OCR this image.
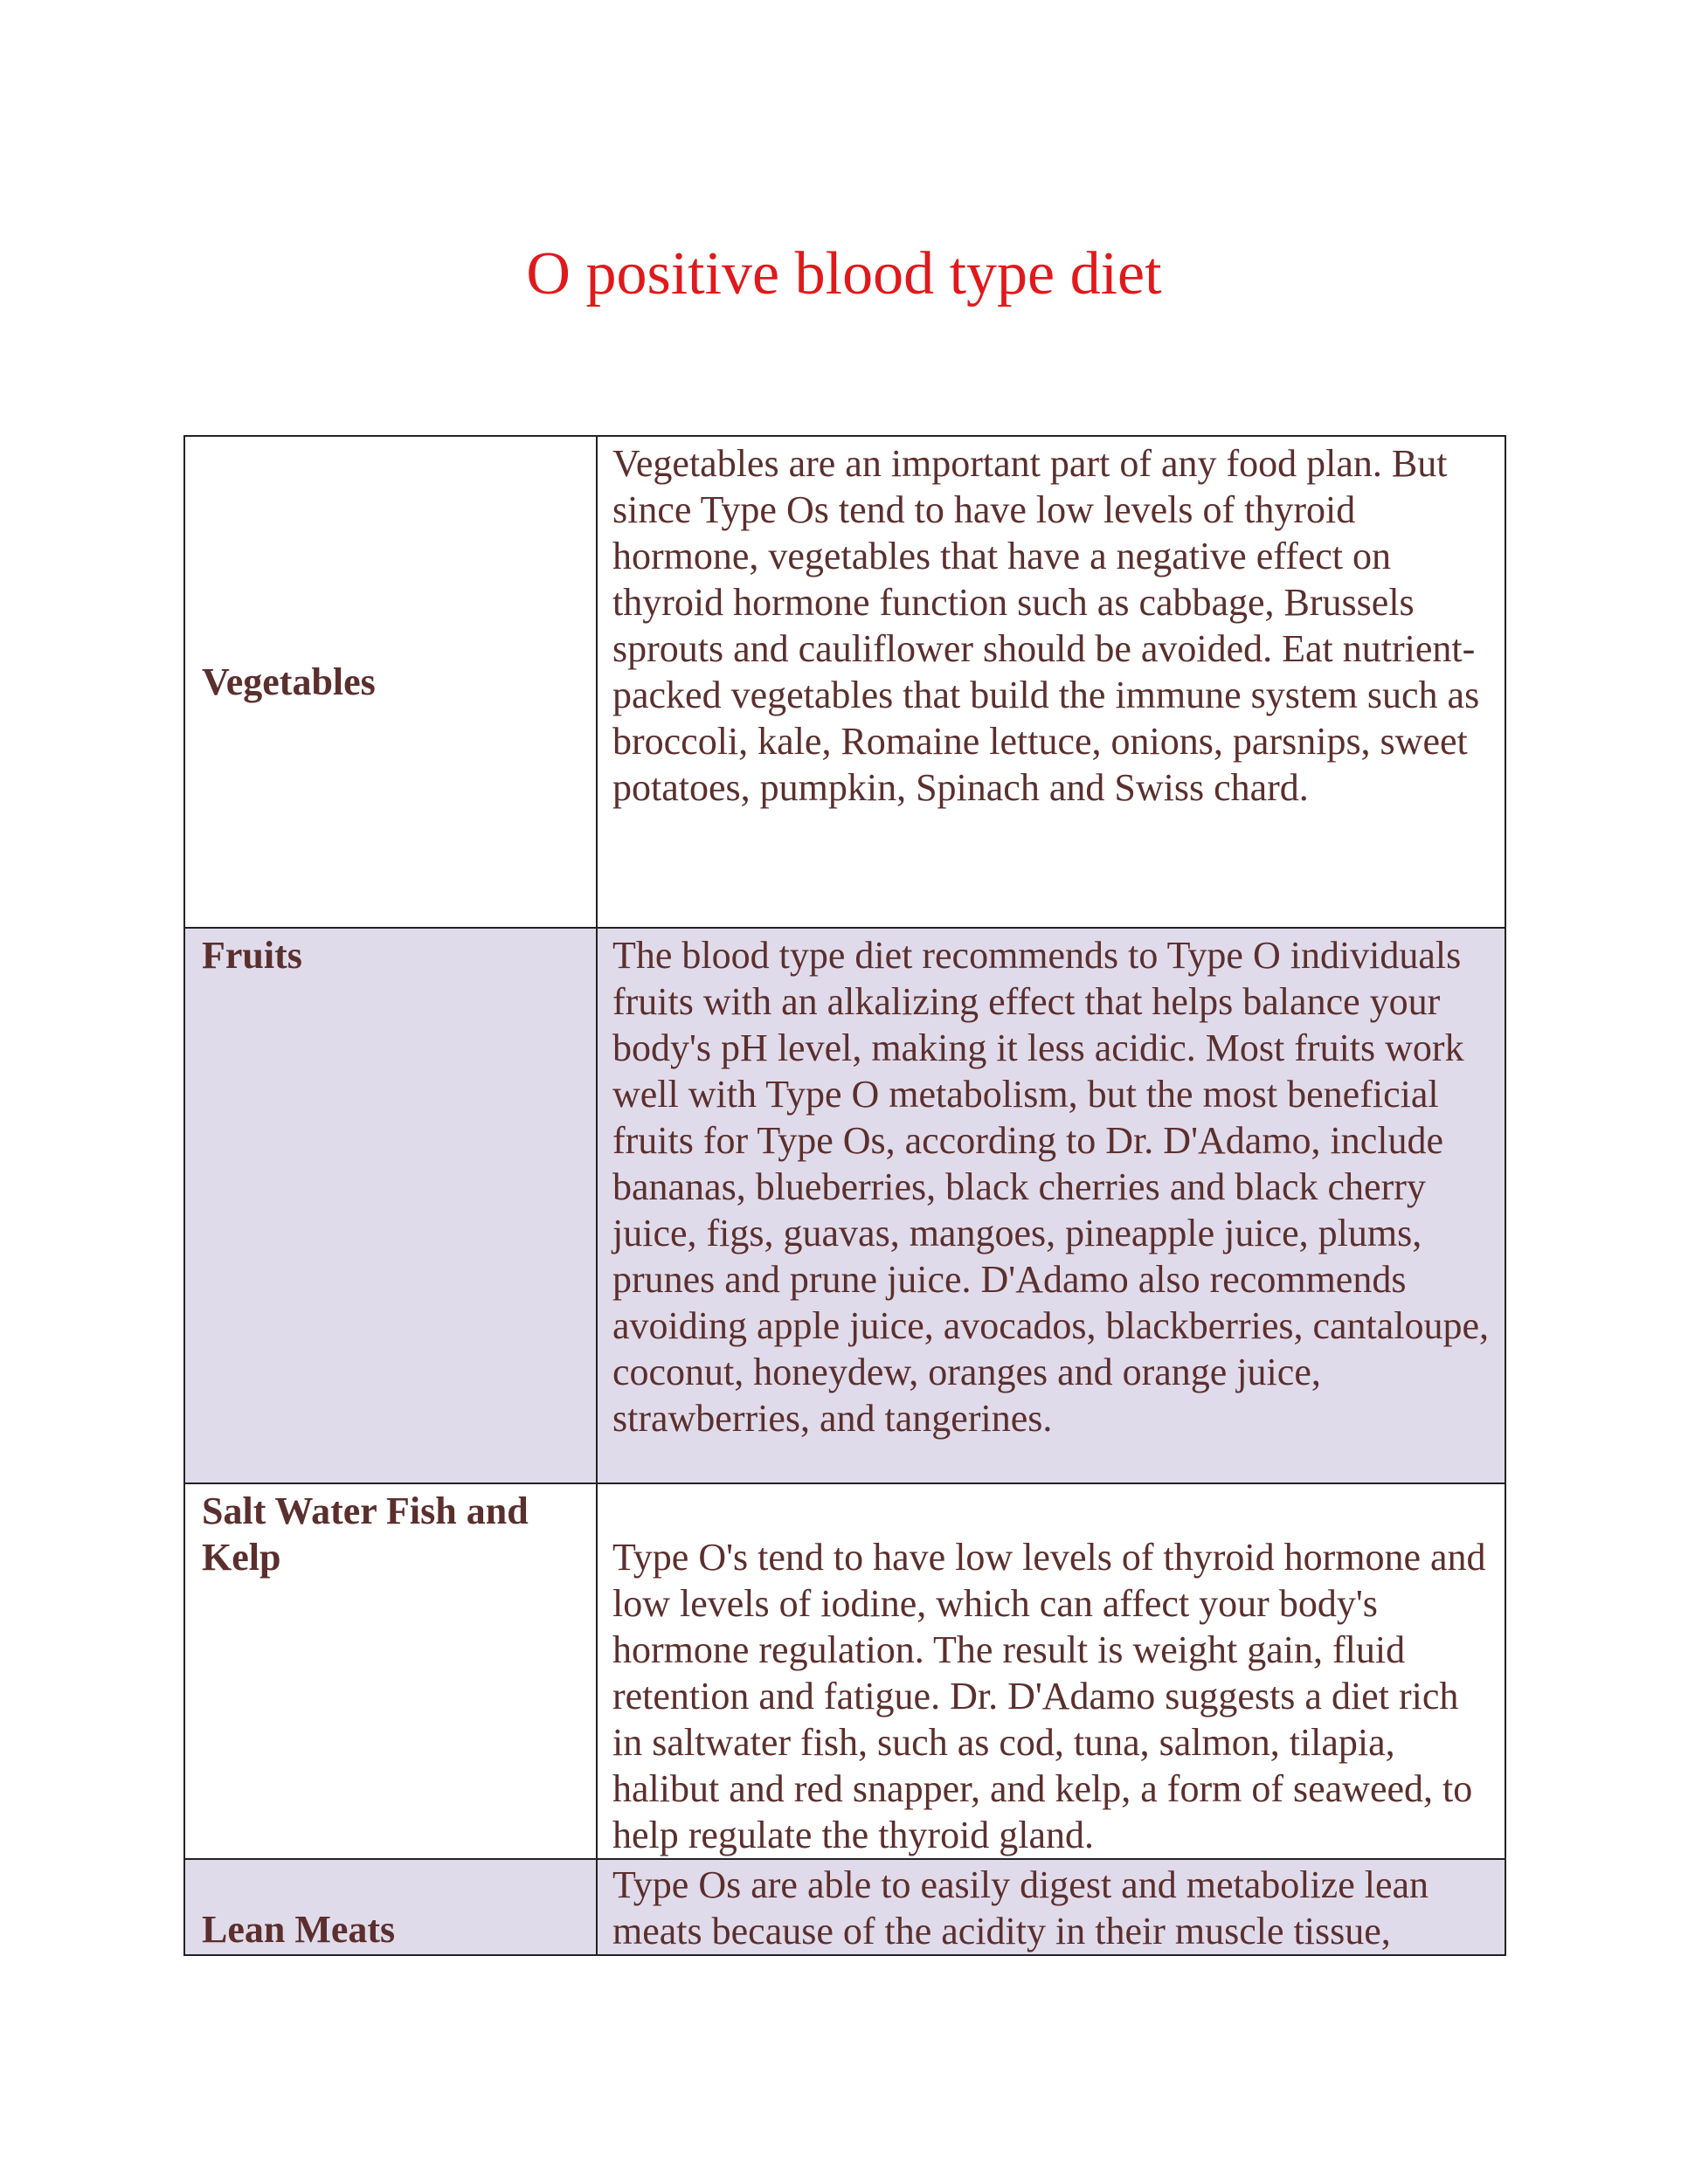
O positive blood type diet
Vegetables	Vegetables are an important part of any food plan. But since Type Os tend to have low levels of thyroid hormone, vegetables that have a negative effect on thyroid hormone function such as cabbage, Brussels sprouts and cauliflower should be avoided. Eat nutrient-packed vegetables that build the immune system such as broccoli, kale, Romaine lettuce, onions, parsnips, sweet potatoes, pumpkin, Spinach and Swiss chard.
Fruits	The blood type diet recommends to Type O individuals fruits with an alkalizing effect that helps balance your body's pH level, making it less acidic. Most fruits work well with Type O metabolism, but the most beneficial fruits for Type Os, according to Dr. D'Adamo, include bananas, blueberries, black cherries and black cherry juice, figs, guavas, mangoes, pineapple juice, plums, prunes and prune juice. D'Adamo also recommends avoiding apple juice, avocados, blackberries, cantaloupe, coconut, honeydew, oranges and orange juice, strawberries, and tangerines.
Salt Water Fish and Kelp	Type O's tend to have low levels of thyroid hormone and low levels of iodine, which can affect your body's hormone regulation. The result is weight gain, fluid retention and fatigue. Dr. D'Adamo suggests a diet rich in saltwater fish, such as cod, tuna, salmon, tilapia, halibut and red snapper, and kelp, a form of seaweed, to help regulate the thyroid gland.
Lean Meats	Type Os are able to easily digest and metabolize lean meats because of the acidity in their muscle tissue,
